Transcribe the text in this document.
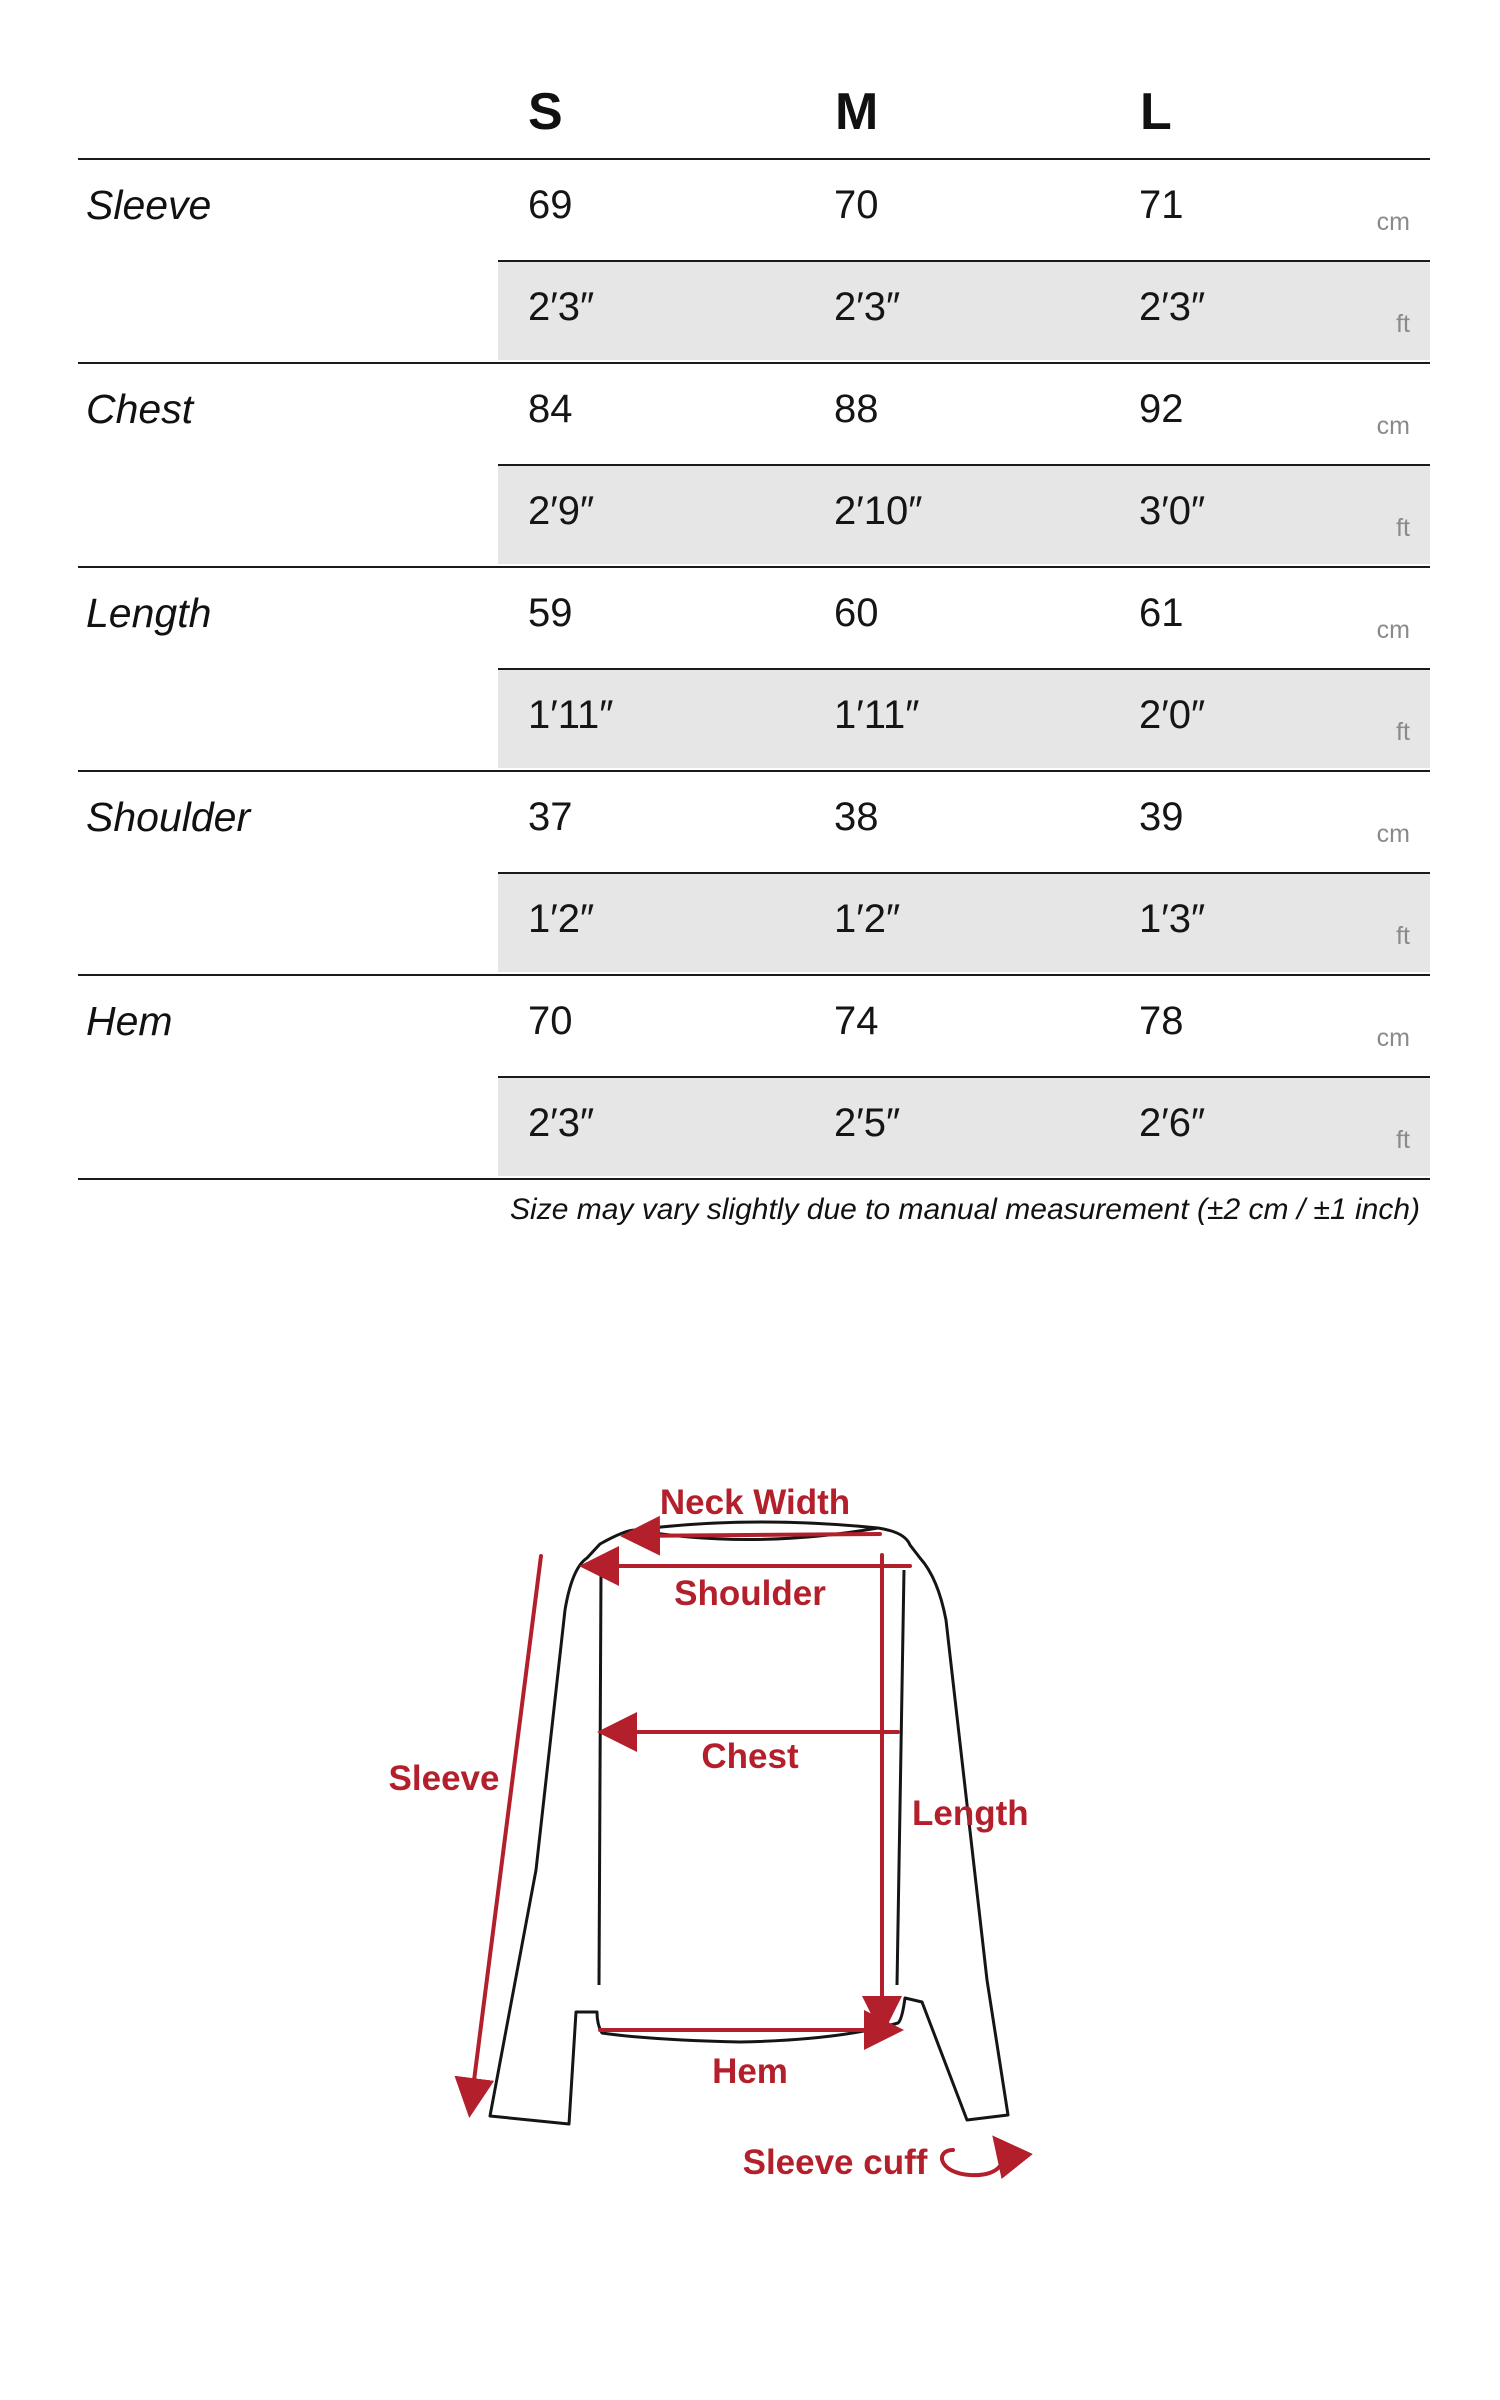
S	M	L
Sleeve	69	70	71	cm
2′3″	2′3″	2′3″	ft
Chest	84	88	92	cm
2′9″	2′10″	3′0″	ft
Length	59	60	61	cm
1′11″	1′11″	2′0″	ft
Shoulder	37	38	39	cm
1′2″	1′2″	1′3″	ft
Hem	70	74	78	cm
2′3″	2′5″	2′6″	ft
Size may vary slightly due to manual measurement (±2 cm / ±1 inch)
Neck Width
Shoulder
Chest
Sleeve
Length
Hem
Sleeve cuff
